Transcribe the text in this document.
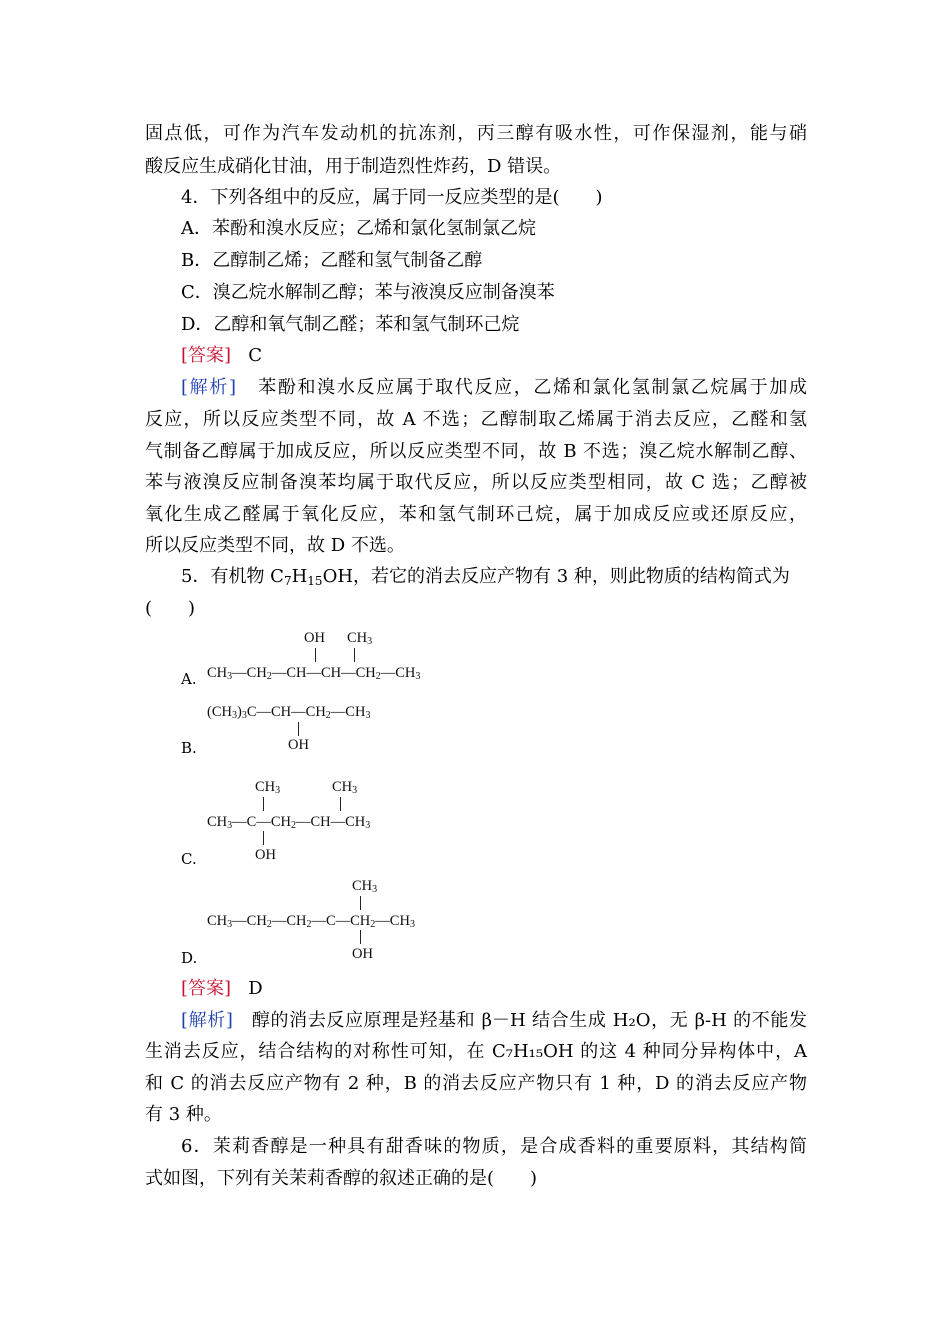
固点低，可作为汽车发动机的抗冻剂，丙三醇有吸水性，可作保湿剂，能与硝
酸反应生成硝化甘油，用于制造烈性炸药，D 错误。
4．下列各组中的反应，属于同一反应类型的是(　　)
A．苯酚和溴水反应；乙烯和氯化氢制氯乙烷
B．乙醇制乙烯；乙醛和氢气制备乙醇
C．溴乙烷水解制乙醇；苯与液溴反应制备溴苯
D．乙醇和氧气制乙醛；苯和氢气制环己烷
[答案] C
[解析] 苯酚和溴水反应属于取代反应，乙烯和氯化氢制氯乙烷属于加成
反应，所以反应类型不同，故 A 不选；乙醇制取乙烯属于消去反应，乙醛和氢
气制备乙醇属于加成反应，所以反应类型不同，故 B 不选；溴乙烷水解制乙醇、
苯与液溴反应制备溴苯均属于取代反应，所以反应类型相同，故 C 选；乙醇被
氧化生成乙醛属于氧化反应，苯和氢气制环己烷，属于加成反应或还原反应，
所以反应类型不同，故 D 不选。
5．有机物 $C_7H_{15}OH$，若它的消去反应产物有 3 种，则此物质的结构简式为
(　　)
A.
OH $CH_3$
$CH_3—CH_2—CH—CH—CH_2—CH_3$
B.
$(CH_3)_3C—CH—CH_2—CH_3$
OH
C.
$CH_3$	$CH_3$
$CH_3—C—CH_2—CH—CH_3$
OH
D.
$CH_3$
$CH_3—CH_2—CH_2—C—CH_2—CH_3$
OH
[答案] D
[解析] 醇的消去反应原理是羟基和 β－H 结合生成 H₂O，无 β-H 的不能发
生消去反应，结合结构的对称性可知，在 C₇H₁₅OH 的这 4 种同分异构体中，A
和 C 的消去反应产物有 2 种，B 的消去反应产物只有 1 种，D 的消去反应产物
有 3 种。
6．茉莉香醇是一种具有甜香味的物质，是合成香料的重要原料，其结构简
式如图，下列有关茉莉香醇的叙述正确的是(　　)
